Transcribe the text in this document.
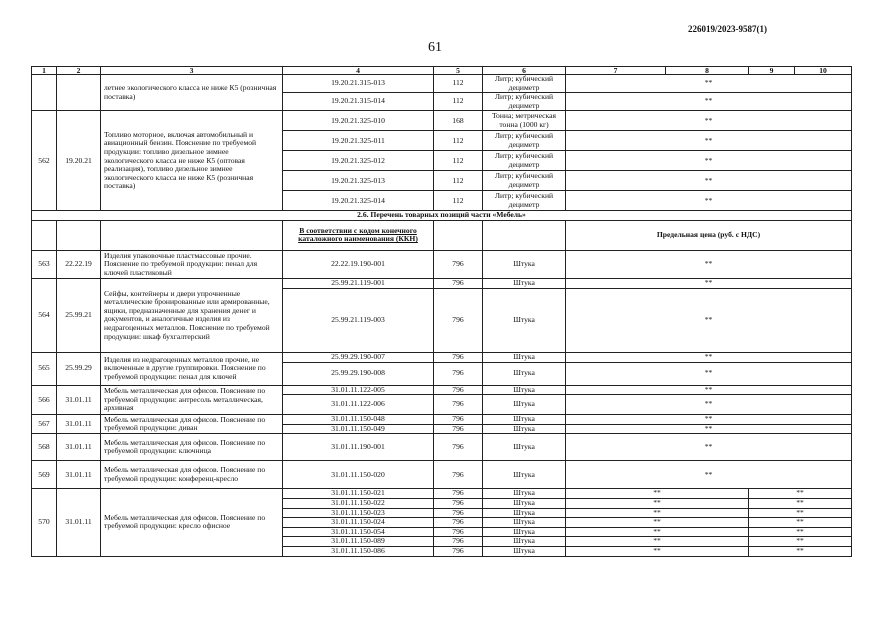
226019/2023-9587(1)
61
1	2	3	4	5	6	7	8	9	10
		летнее экологического класса не ниже К5 (розничная поставка)	19.20.21.315-013	112	Литр; кубический дециметр	**			
			19.20.21.315-014	112	Литр; кубический дециметр	**			
562	19.20.21	Топливо моторное, включая автомобильный и авиационный бензин. Пояснение по требуемой продукции: топливо дизельное зимнее экологического класса не ниже К5 (оптовая реализация), топливо дизельное зимнее экологического класса не ниже К5 (розничная поставка)	19.20.21.325-010	168	Тонна; метрическая тонна (1000 кг)	**			
			19.20.21.325-011	112	Литр; кубический дециметр	**			
			19.20.21.325-012	112	Литр; кубический дециметр	**			
			19.20.21.325-013	112	Литр; кубический дециметр	**			
			19.20.21.325-014	112	Литр; кубический дециметр	**			
2.6. Перечень товарных позиций части «Мебель»									
			В соответствии с кодом конечного каталожного наименования (ККН)			Предельная цена (руб. с НДС)			
563	22.22.19	Изделия упаковочные пластмассовые прочие. Пояснение по требуемой продукции: пенал для ключей пластиковый	22.22.19.190-001	796	Штука	**			
564	25.99.21	Сейфы, контейнеры и двери упрочненные металлические бронированные или армированные, ящики, предназначенные для хранения денег и документов, и аналогичные изделия из недрагоценных металлов. Пояснение по требуемой продукции: шкаф бухгалтерский	25.99.21.119-001	796	Штука	**			
			25.99.21.119-003	796	Штука	**			
565	25.99.29	Изделия из недрагоценных металлов прочие, не включенные в другие группировки. Пояснение по требуемой продукции: пенал для ключей	25.99.29.190-007	796	Штука	**			
			25.99.29.190-008	796	Штука	**			
566	31.01.11	Мебель металлическая для офисов. Пояснение по требуемой продукции: антресоль металлическая, архивная	31.01.11.122-005	796	Штука	**			
			31.01.11.122-006	796	Штука	**			
567	31.01.11	Мебель металлическая для офисов. Пояснение по требуемой продукции: диван	31.01.11.150-048	796	Штука	**			
			31.01.11.150-049	796	Штука	**			
568	31.01.11	Мебель металлическая для офисов. Пояснение по требуемой продукции: ключница	31.01.11.190-001	796	Штука	**			
569	31.01.11	Мебель металлическая для офисов. Пояснение по требуемой продукции: конференц-кресло	31.01.11.150-020	796	Штука	**			
570	31.01.11	Мебель металлическая для офисов. Пояснение по требуемой продукции: кресло офисное	31.01.11.150-021	796	Штука	**		**	
			31.01.11.150-022	796	Штука	**		**	
			31.01.11.150-023	796	Штука	**		**	
			31.01.11.150-024	796	Штука	**		**	
			31.01.11.150-054	796	Штука	**		**	
			31.01.11.150-089	796	Штука	**		**	
			31.01.11.150-086	796	Штука	**		**	
